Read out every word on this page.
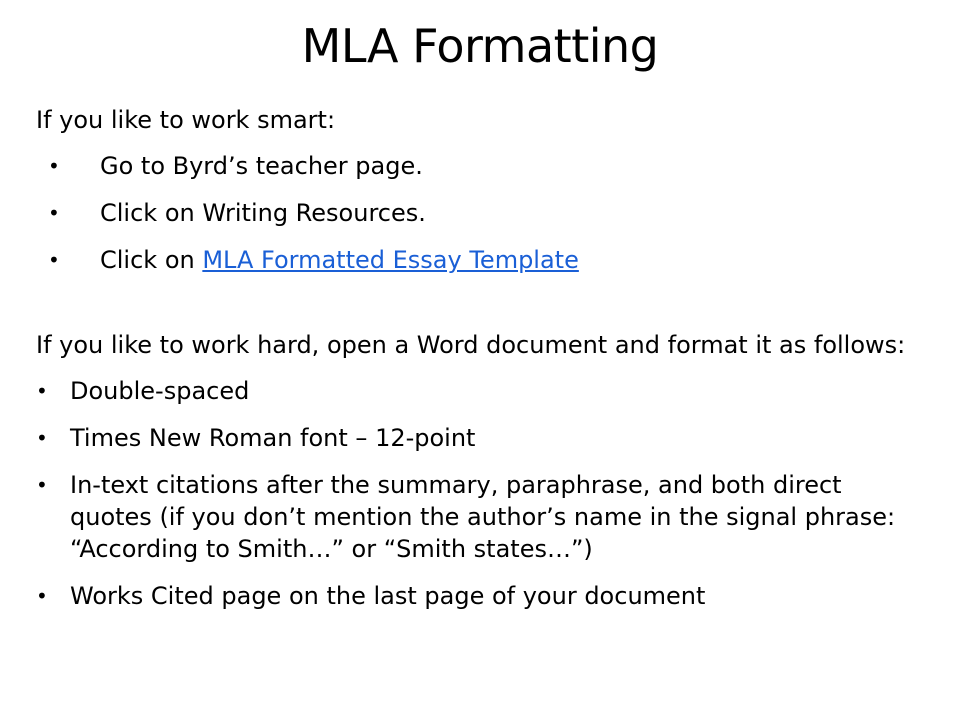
MLA Formatting

If you like to work smart:

•	Go to Byrd’s teacher page.
•	Click on Writing Resources.
•	Click on MLA Formatted Essay Template

If you like to work hard, open a Word document and format it as follows:

• Double-spaced
• Times New Roman font – 12-point
• In-text citations after the summary, paraphrase, and both direct quotes (if you don’t mention the author’s name in the signal phrase: “According to Smith…” or “Smith states…”)
• Works Cited page on the last page of your document
